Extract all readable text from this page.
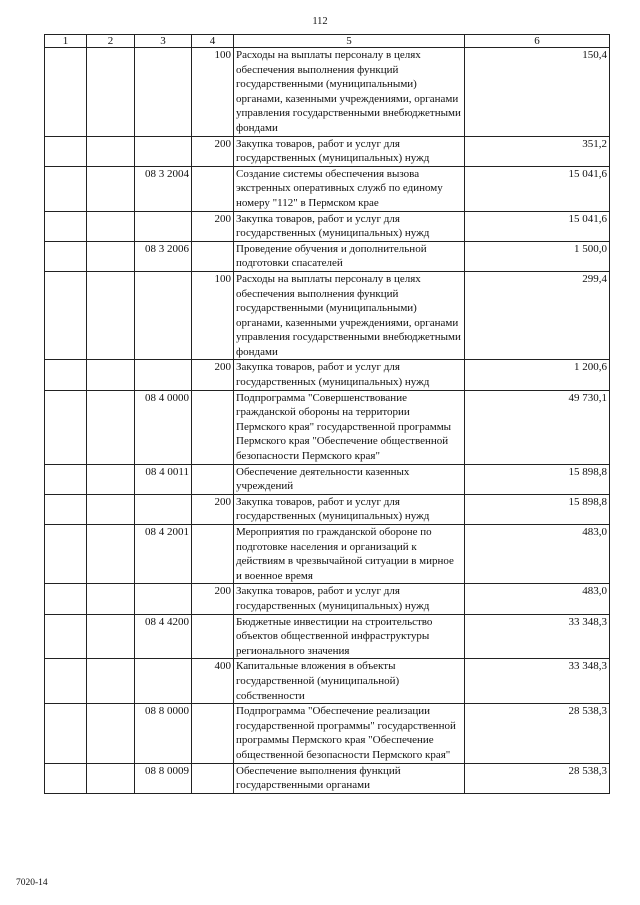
112
1	2	3	4	5	6
			100	Расходы на выплаты персоналу в целях обеспечения выполнения функций государственными (муниципальными) органами, казенными учреждениями, органами управления государственными внебюджетными фондами	150,4
			200	Закупка товаров, работ и услуг для государственных (муниципальных) нужд	351,2
		08 3 2004		Создание системы обеспечения вызова экстренных оперативных служб по единому номеру "112" в Пермском крае	15 041,6
			200	Закупка товаров, работ и услуг для государственных (муниципальных) нужд	15 041,6
		08 3 2006		Проведение обучения и дополнительной подготовки спасателей	1 500,0
			100	Расходы на выплаты персоналу в целях обеспечения выполнения функций государственными (муниципальными) органами, казенными учреждениями, органами управления государственными внебюджетными фондами	299,4
			200	Закупка товаров, работ и услуг для государственных (муниципальных) нужд	1 200,6
		08 4 0000		Подпрограмма "Совершенствование гражданской обороны на территории Пермского края" государственной программы Пермского края "Обеспечение общественной безопасности Пермского края"	49 730,1
		08 4 0011		Обеспечение деятельности казенных учреждений	15 898,8
			200	Закупка товаров, работ и услуг для государственных (муниципальных) нужд	15 898,8
		08 4 2001		Мероприятия по гражданской обороне по подготовке населения и организаций к действиям в чрезвычайной ситуации в мирное и военное время	483,0
			200	Закупка товаров, работ и услуг для государственных (муниципальных) нужд	483,0
		08 4 4200		Бюджетные инвестиции на строительство объектов общественной инфраструктуры регионального значения	33 348,3
			400	Капитальные вложения в объекты государственной (муниципальной) собственности	33 348,3
		08 8 0000		Подпрограмма "Обеспечение реализации государственной программы" государственной программы Пермского края "Обеспечение общественной безопасности Пермского края"	28 538,3
		08 8 0009		Обеспечение выполнения функций государственными органами	28 538,3
7020-14
